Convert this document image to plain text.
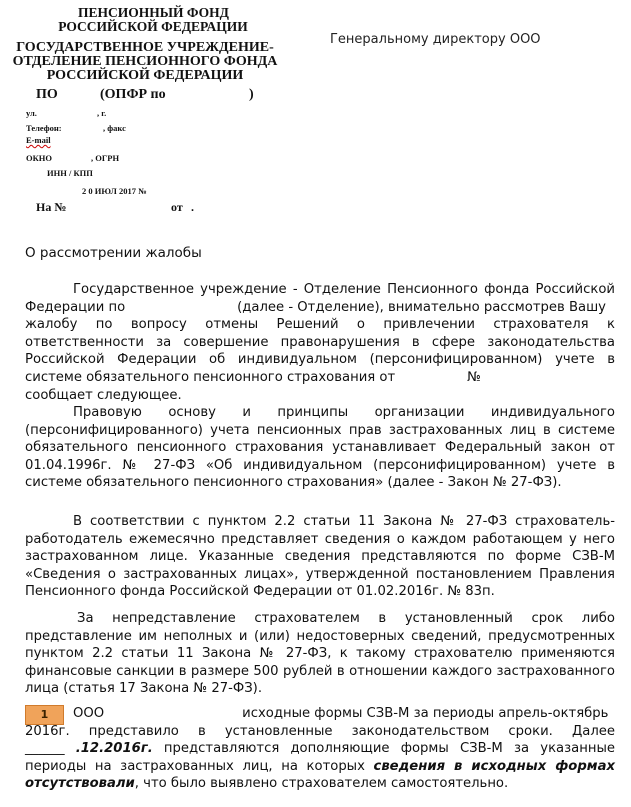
ПЕНСИОННЫЙ ФОНД
РОССИЙСКОЙ ФЕДЕРАЦИИ
ГОСУДАРСТВЕННОЕ УЧРЕЖДЕНИЕ-
ОТДЕЛЕНИЕ ПЕНСИОННОГО ФОНДА
РОССИЙСКОЙ ФЕДЕРАЦИИ
ПО	(ОПФР по	)
ул.	, г.
Телефон:	, факс
E-mail
ОКНО	, ОГРН
ИНН / КПП
2 0 ИЮЛ 2017 №
На №	от .
Генеральному директору ООО
О рассмотрении жалобы
Государственное учреждение - Отделение Пенсионного фонда Российской
Федерации по	(далее - Отделение), внимательно рассмотрев Вашу
жалобу по вопросу отмены Решений о привлечении страхователя к
ответственности за совершение правонарушения в сфере законодательства
Российской Федерации об индивидуальном (персонифицированном) учете в
системе обязательного пенсионного страхования от	№
сообщает следующее.
Правовую основу и принципы организации индивидуального
(персонифицированного) учета пенсионных прав застрахованных лиц в системе
обязательного пенсионного страхования устанавливает Федеральный закон от
01.04.1996г. № 27-ФЗ «Об индивидуальном (персонифицированном) учете в
системе обязательного пенсионного страхования» (далее - Закон № 27-ФЗ).
В соответствии с пунктом 2.2 статьи 11 Закона № 27-ФЗ страхователь-
работодатель ежемесячно представляет сведения о каждом работающем у него
застрахованном лице. Указанные сведения представляются по форме СЗВ-М
«Сведения о застрахованных лицах», утвержденной постановлением Правления
Пенсионного фонда Российской Федерации от 01.02.2016г. № 83п.
За непредставление страхователем в установленный срок либо
представление им неполных и (или) недостоверных сведений, предусмотренных
пунктом 2.2 статьи 11 Закона № 27-ФЗ, к такому страхователю применяются
финансовые санкции в размере 500 рублей в отношении каждого застрахованного
лица (статья 17 Закона № 27-ФЗ).
1	ООО	исходные формы СЗВ-М за периоды апрель-октябрь
2016г. представило в установленные законодательством сроки. Далее
______ .12.2016г. представляются дополняющие формы СЗВ-М за указанные
периоды на застрахованных лиц, на которых сведения в исходных формах
отсутствовали, что было выявлено страхователем самостоятельно.
